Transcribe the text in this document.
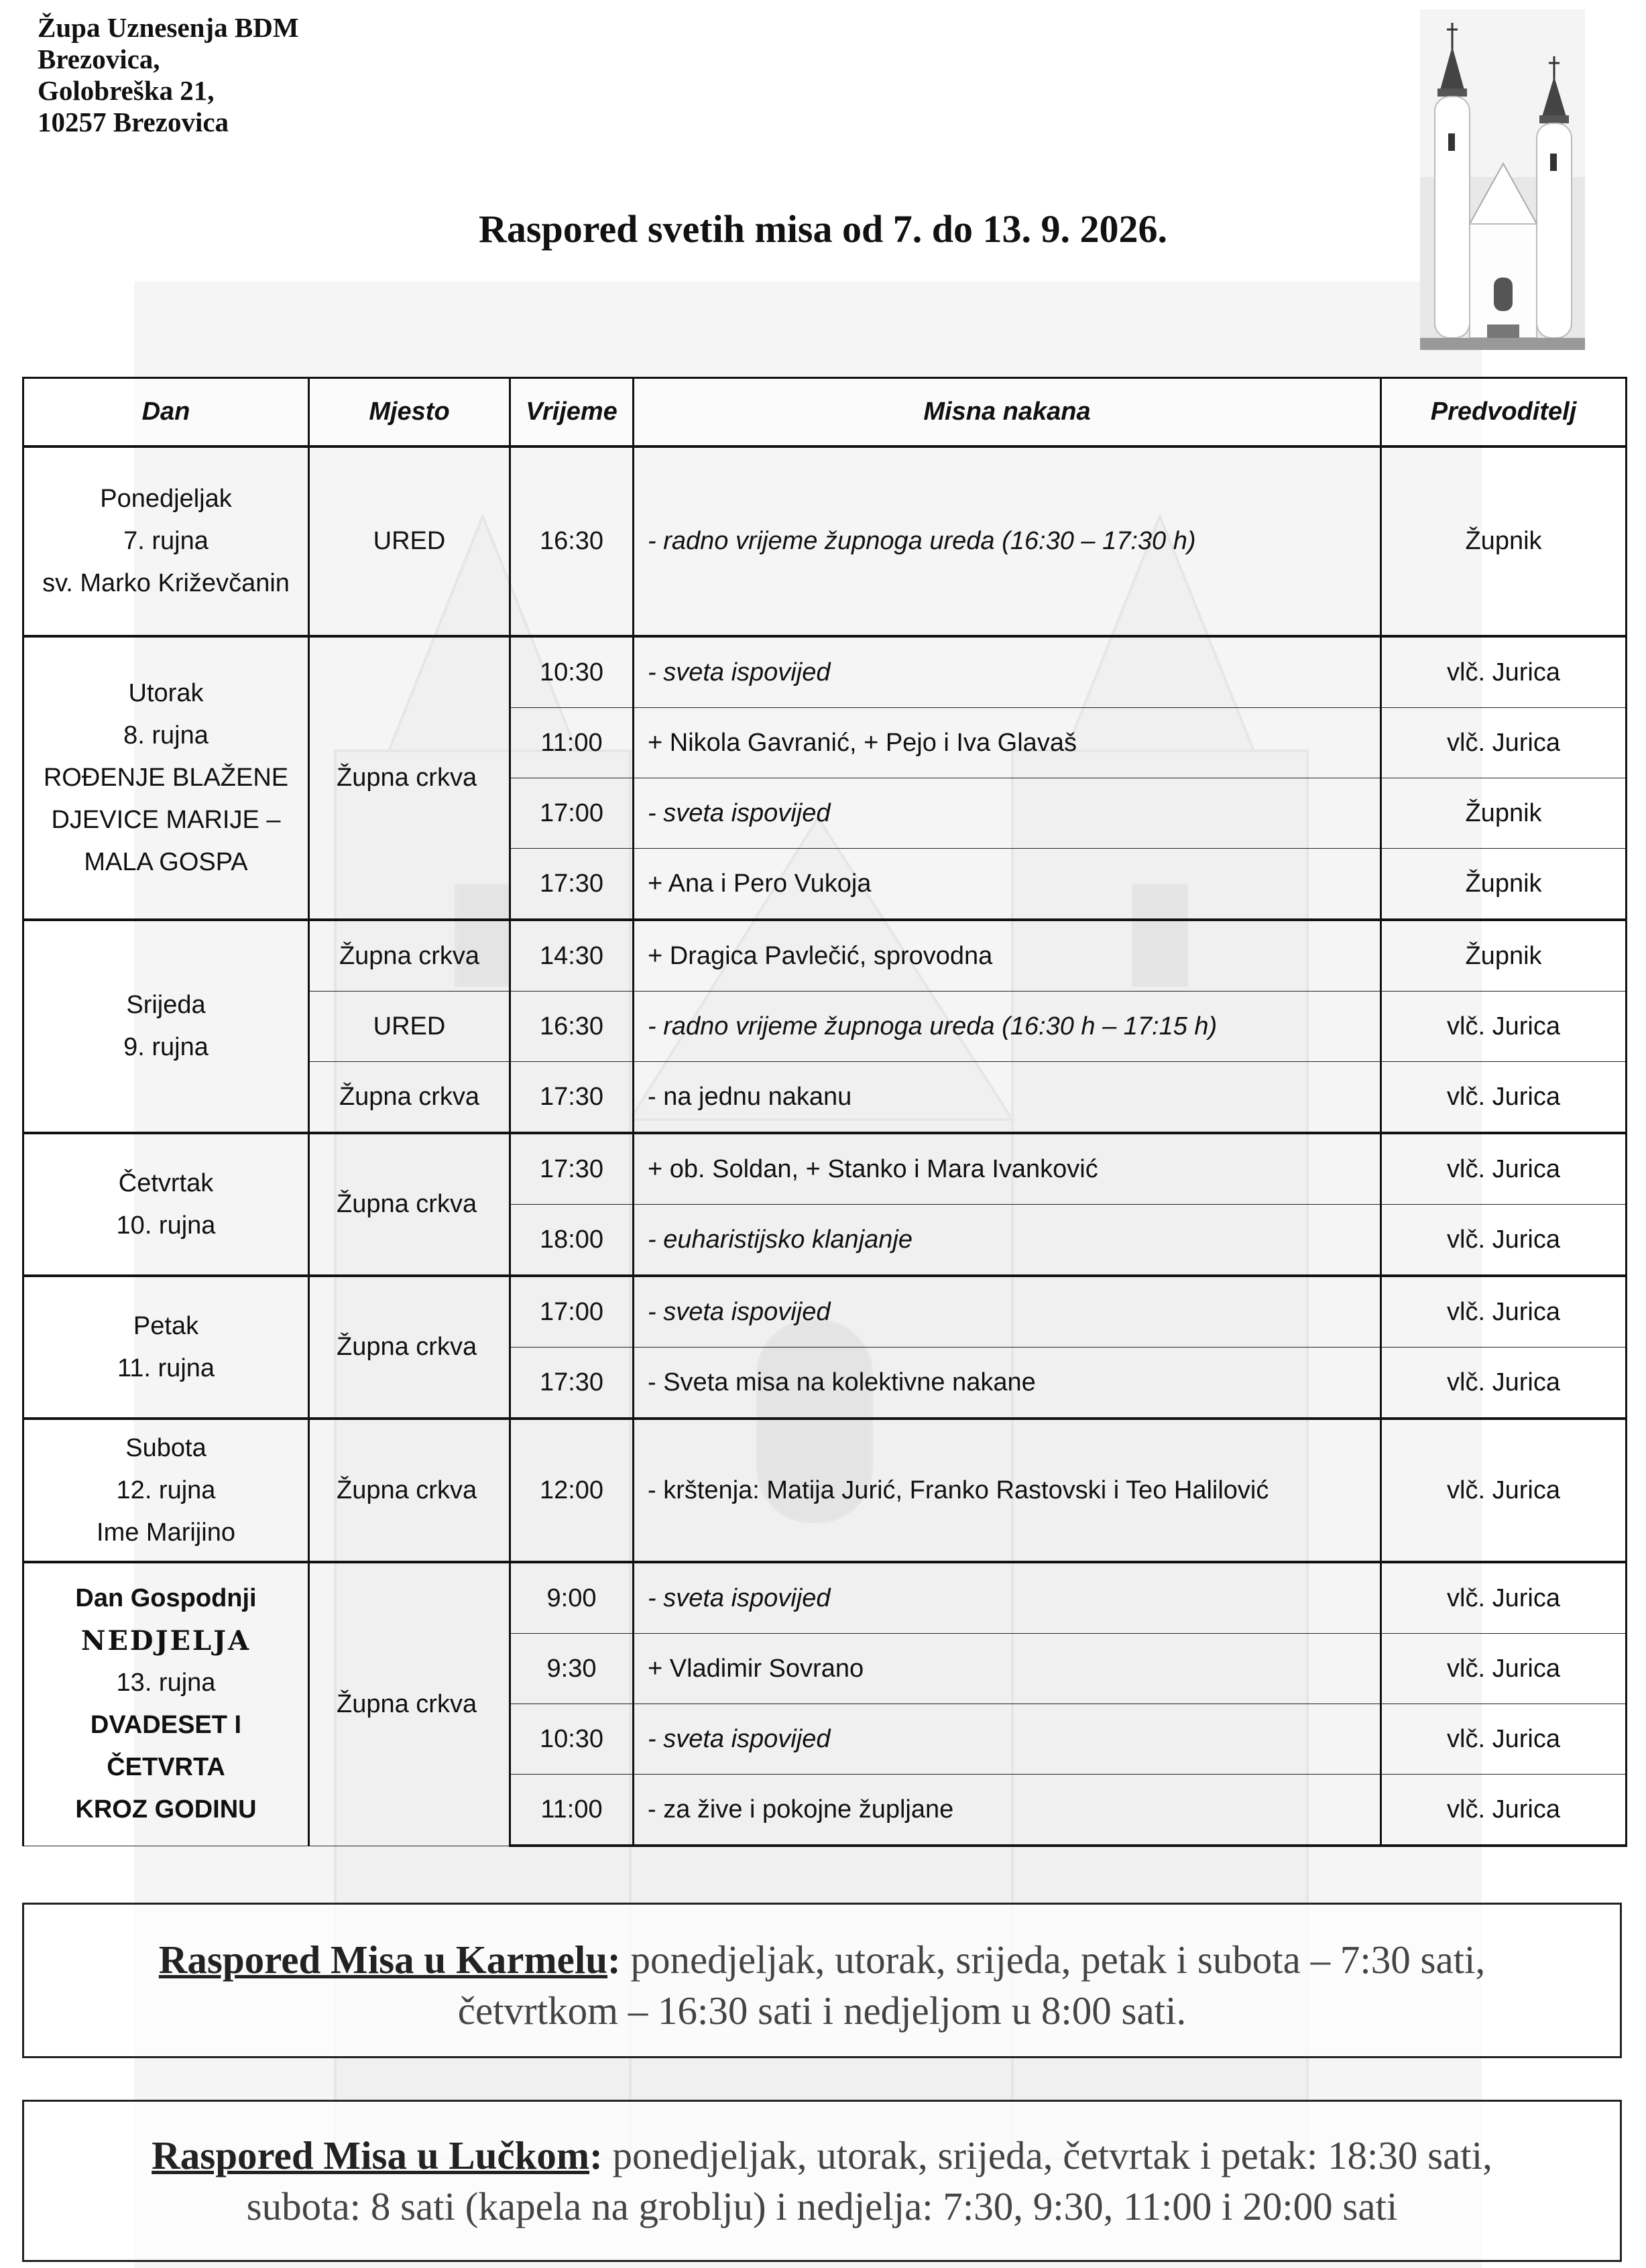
Župa Uznesenja BDM
Brezovica,
Golobreška 21,
10257 Brezovica
Raspored svetih misa od 7. do 13. 9. 2026.
Dan	Mjesto	Vrijeme	Misna nakana	Predvoditelj

Ponedjeljak
7. rujna
sv. Marko Križevčanin	URED	16:30	- radno vrijeme župnoga ureda (16:30 – 17:30 h)	Župnik

Utorak
8. rujna
ROĐENJE BLAŽENE
DJEVICE MARIJE –
MALA GOSPA	Župna crkva	10:30	- sveta ispovijed	vlč. Jurica
		11:00	+ Nikola Gavranić, + Pejo i Iva Glavaš	vlč. Jurica
		17:00	- sveta ispovijed	Župnik
		17:30	+ Ana i Pero Vukoja	Župnik

Srijeda
9. rujna	Župna crkva	14:30	+ Dragica Pavlečić, sprovodna	Župnik
	URED	16:30	- radno vrijeme župnoga ureda (16:30 h – 17:15 h)	vlč. Jurica
	Župna crkva	17:30	- na jednu nakanu	vlč. Jurica

Četvrtak
10. rujna	Župna crkva	17:30	+ ob. Soldan, + Stanko i Mara Ivanković	vlč. Jurica
		18:00	- euharistijsko klanjanje	vlč. Jurica

Petak
11. rujna	Župna crkva	17:00	- sveta ispovijed	vlč. Jurica
		17:30	- Sveta misa na kolektivne nakane	vlč. Jurica

Subota
12. rujna
Ime Marijino	Župna crkva	12:00	- krštenja: Matija Jurić, Franko Rastovski i Teo Halilović	vlč. Jurica

Dan Gospodnji
NEDJELJA
13. rujna
DVADESET I ČETVRTA
KROZ GODINU	Župna crkva	9:00	- sveta ispovijed	vlč. Jurica
		9:30	+ Vladimir Sovrano	vlč. Jurica
		10:30	- sveta ispovijed	vlč. Jurica
		11:00	- za žive i pokojne župljane	vlč. Jurica
Raspored Misa u Karmelu: ponedjeljak, utorak, srijeda, petak i subota – 7:30 sati,
četvrtkom – 16:30 sati i nedjeljom u 8:00 sati.
Raspored Misa u Lučkom: ponedjeljak, utorak, srijeda, četvrtak i petak: 18:30 sati,
subota: 8 sati (kapela na groblju) i nedjelja: 7:30, 9:30, 11:00 i 20:00 sati
